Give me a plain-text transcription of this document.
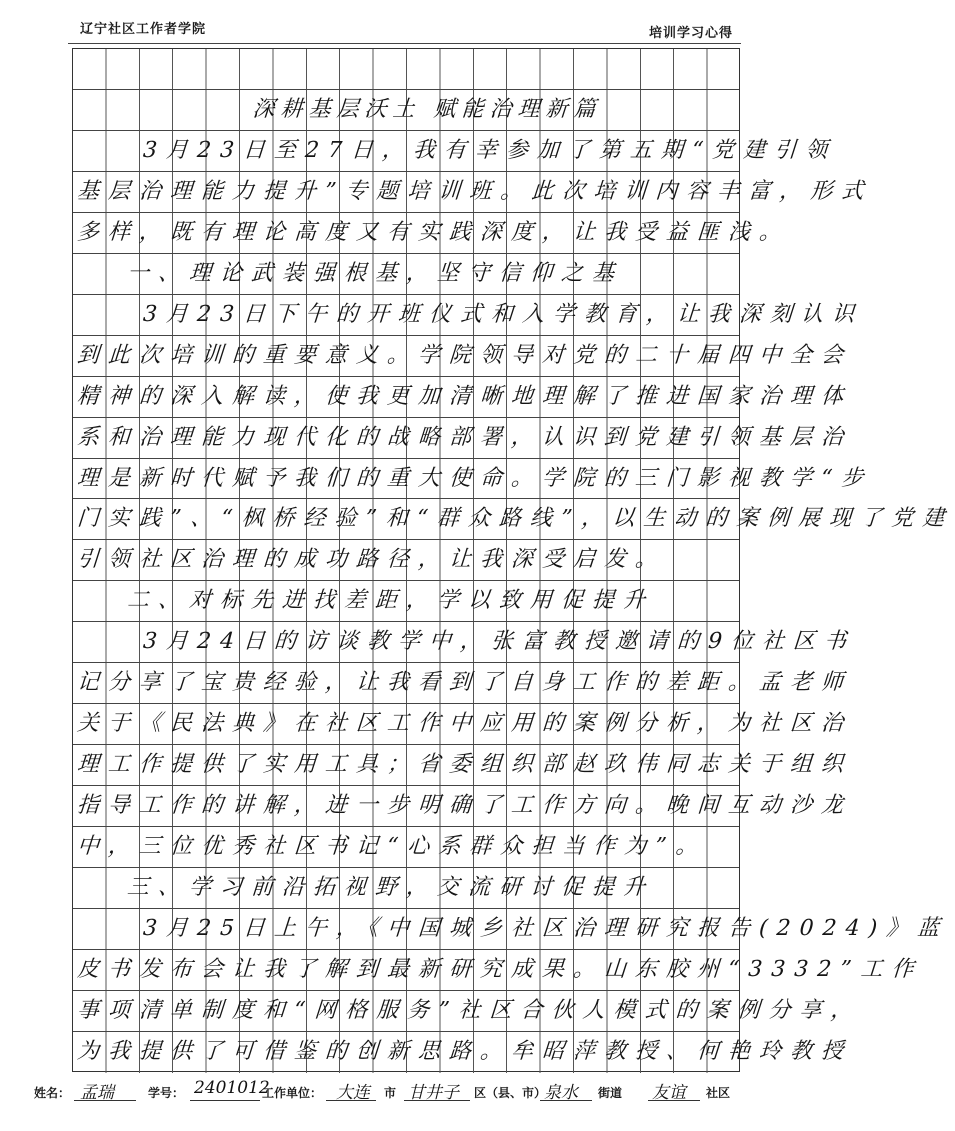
辽宁社区工作者学院	培训学习心得
深耕基层沃土 赋能治理新篇
3月23日至27日，我有幸参加了第五期“党建引领
基层治理能力提升”专题培训班。此次培训内容丰富，形式
多样，既有理论高度又有实践深度，让我受益匪浅。
一、理论武装强根基，坚守信仰之基
3月23日下午的开班仪式和入学教育，让我深刻认识
到此次培训的重要意义。学院领导对党的二十届四中全会
精神的深入解读，使我更加清晰地理解了推进国家治理体
系和治理能力现代化的战略部署，认识到党建引领基层治
理是新时代赋予我们的重大使命。学院的三门影视教学“步
门实践”、“枫桥经验”和“群众路线”，以生动的案例展现了党建
引领社区治理的成功路径，让我深受启发。
二、对标先进找差距，学以致用促提升
3月24日的访谈教学中，张富教授邀请的9位社区书
记分享了宝贵经验，让我看到了自身工作的差距。孟老师
关于《民法典》在社区工作中应用的案例分析，为社区治
理工作提供了实用工具；省委组织部赵玖伟同志关于组织
指导工作的讲解，进一步明确了工作方向。晚间互动沙龙
中，三位优秀社区书记“心系群众担当作为”。
三、学习前沿拓视野，交流研讨促提升
3月25日上午，《中国城乡社区治理研究报告(2024)》蓝
皮书发布会让我了解到最新研究成果。山东胶州“3332”工作
事项清单制度和“网格服务”社区合伙人模式的案例分享，
为我提供了可借鉴的创新思路。牟昭萍教授、何艳玲教授
姓名： 孟瑞	学号： 2401012
工作单位： 大连 市 甘井子 区（县、市）
泉水 街道 友谊 社区
